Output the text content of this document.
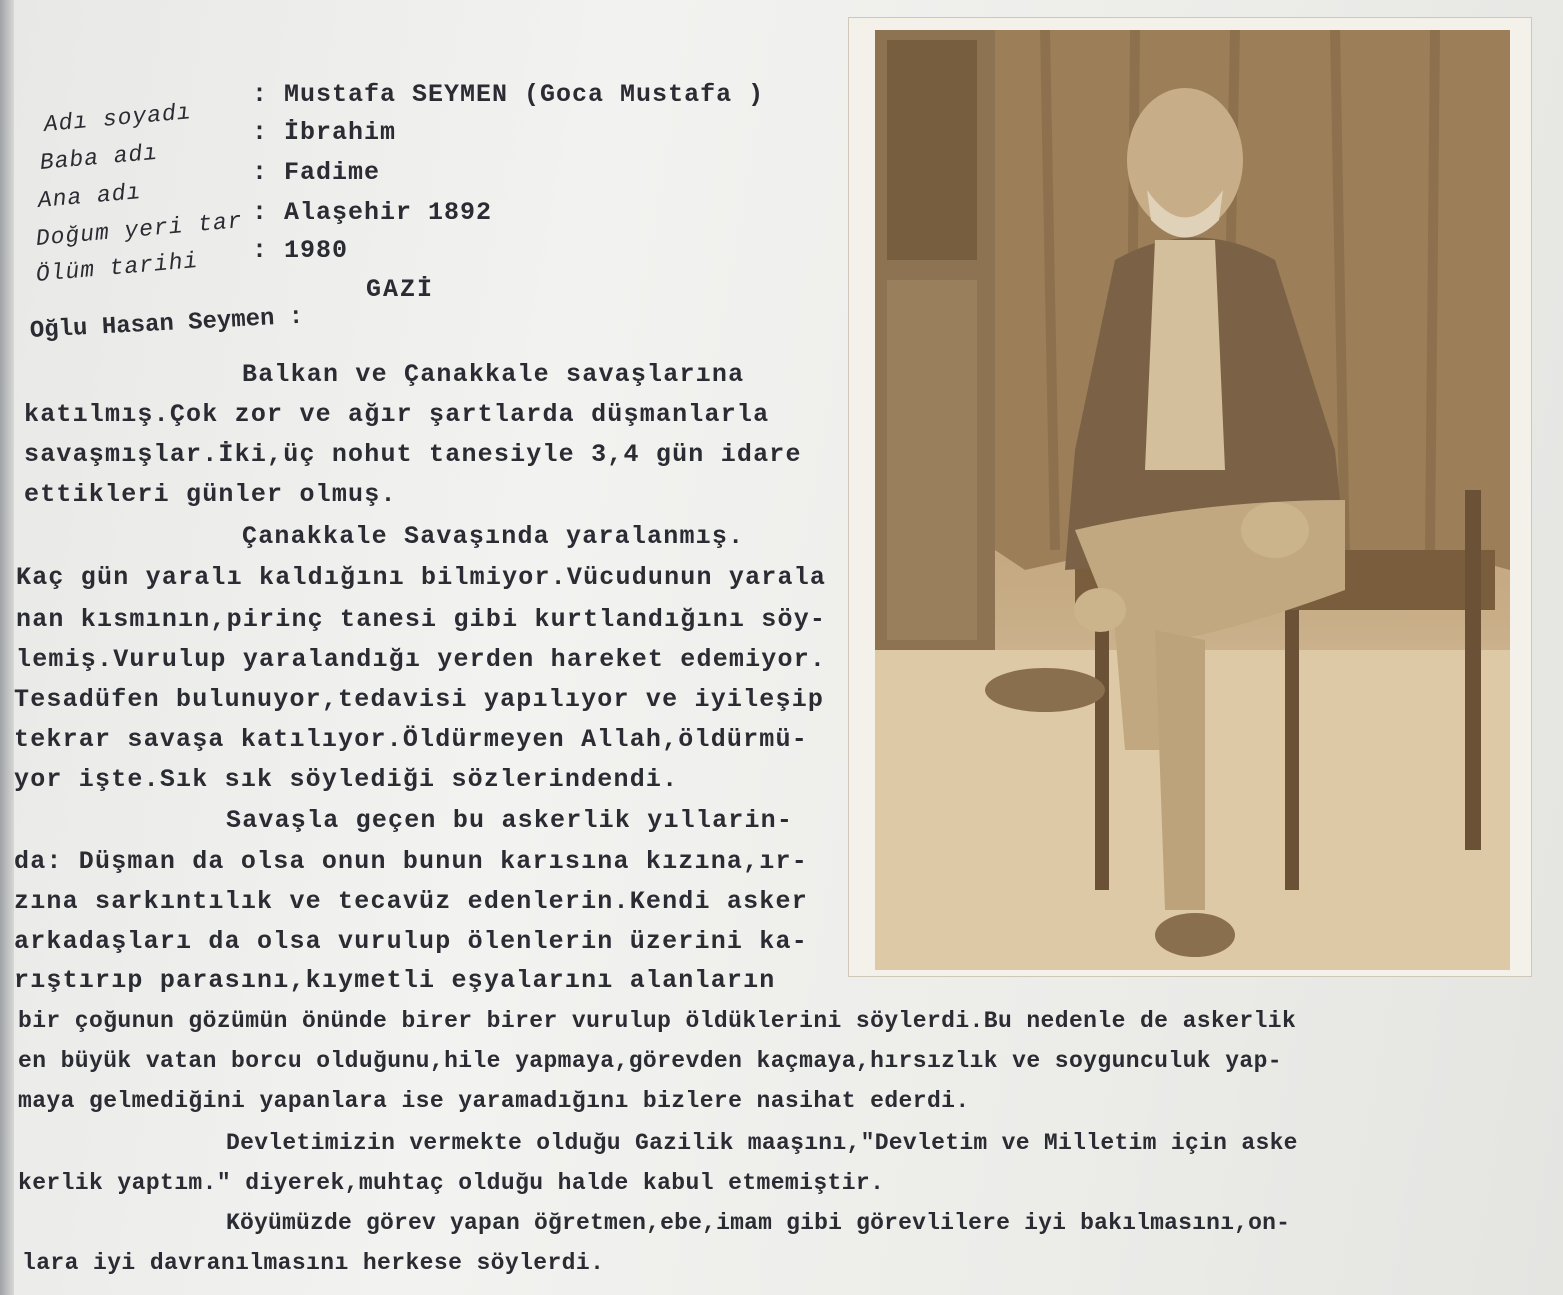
Adı soyadı
Baba adı
Ana adı
Doğum yeri tar
Ölüm tarihi
: Mustafa SEYMEN (Goca Mustafa )
: İbrahim
: Fadime
: Alaşehir 1892
: 1980
GAZİ
Oğlu Hasan Seymen :
Balkan ve Çanakkale savaşlarına
katılmış.Çok zor ve ağır şartlarda düşmanlarla
savaşmışlar.İki,üç nohut tanesiyle 3,4 gün idare
ettikleri günler olmuş.
Çanakkale Savaşında yaralanmış.
Kaç gün yaralı kaldığını bilmiyor.Vücudunun yarala
nan kısmının,pirinç tanesi gibi kurtlandığını söy-
lemiş.Vurulup yaralandığı yerden hareket edemiyor.
Tesadüfen bulunuyor,tedavisi yapılıyor ve iyileşip
tekrar savaşa katılıyor.Öldürmeyen Allah,öldürmü-
yor işte.Sık sık söylediği sözlerindendi.
Savaşla geçen bu askerlik yıllarin-
da: Düşman da olsa onun bunun karısına kızına,ır-
zına sarkıntılık ve tecavüz edenlerin.Kendi asker
arkadaşları da olsa vurulup ölenlerin üzerini ka-
rıştırıp parasını,kıymetli eşyalarını alanların
bir çoğunun gözümün önünde birer birer vurulup öldüklerini söylerdi.Bu nedenle de askerlik
en büyük vatan borcu olduğunu,hile yapmaya,görevden kaçmaya,hırsızlık ve soygunculuk yap-
maya gelmediğini yapanlara ise yaramadığını bizlere nasihat ederdi.
Devletimizin vermekte olduğu Gazilik maaşını,"Devletim ve Milletim için aske
kerlik yaptım." diyerek,muhtaç olduğu halde kabul etmemiştir.
Köyümüzde görev yapan öğretmen,ebe,imam gibi görevlilere iyi bakılmasını,on-
lara iyi davranılmasını herkese söylerdi.
